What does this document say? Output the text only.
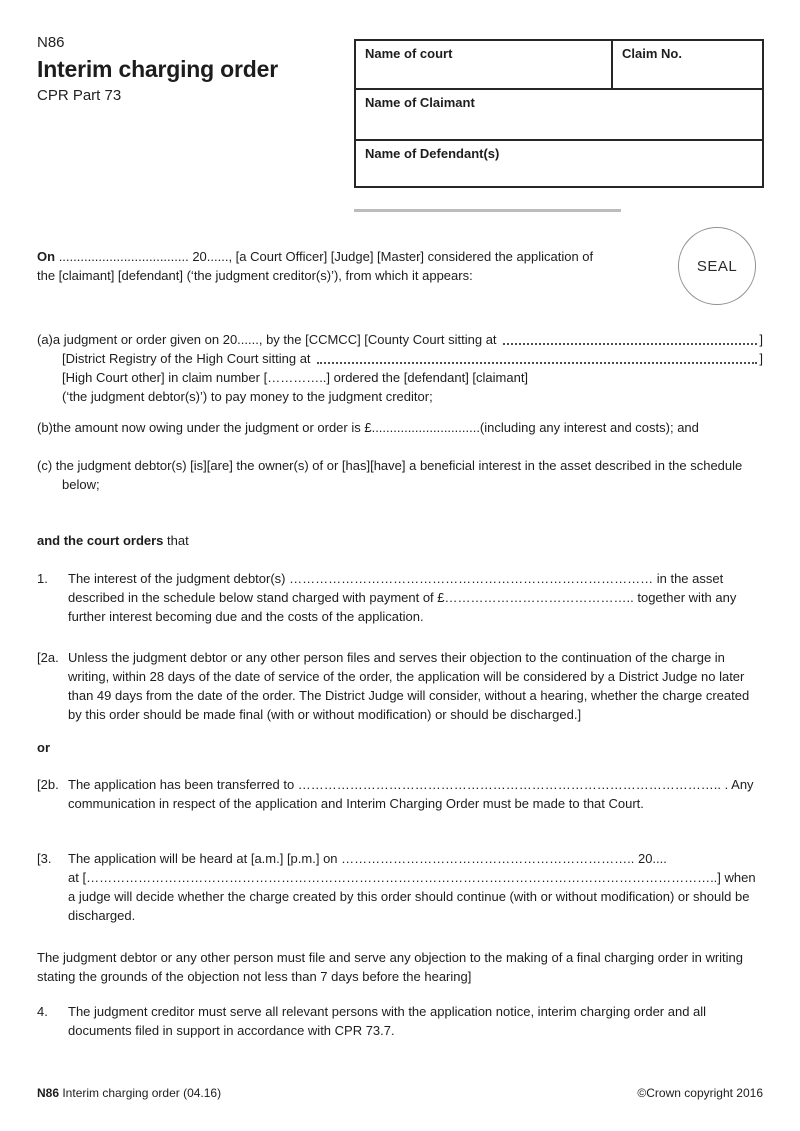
N86
Interim charging order
CPR Part 73
Name of court	Claim No.

Name of Claimant

Name of Defendant(s)
SEAL

On .................................... 20......, [a Court Officer] [Judge] [Master] considered the application of the [claimant] [defendant] (‘the judgment creditor(s)’), from which it appears:

(a)a judgment or order given on 20......, by the [CCMCC] [County Court sitting at	]
[District Registry of the High Court sitting at	]
[High Court other] in claim number […………..] ordered the [defendant] [claimant]
(‘the judgment debtor(s)’) to pay money to the judgment creditor;
(b)the amount now owing under the judgment or order is £..............................(including any interest and costs); and
(c) the judgment debtor(s) [is][are] the owner(s) of or [has][have] a beneficial interest in the asset described in the schedule below;
and the court orders that
1.	The interest of the judgment debtor(s) ………………………………………………………………………… in the asset described in the schedule below stand charged with payment of £…………………………………….. together with any further interest becoming due and the costs of the application.
[2a. Unless the judgment debtor or any other person files and serves their objection to the continuation of the charge in writing, within 28 days of the date of service of the order, the application will be considered by a District Judge no later than 49 days from the date of the order. The District Judge will consider, without a hearing, whether the charge created by this order should be made final (with or without modification) or should be discharged.]
or
[2b. The application has been transferred to …………………………………………………………………………………….. . Any communication in respect of the application and Interim Charging Order must be made to that Court.
[3.	The application will be heard at [a.m.] [p.m.] on ………………………………………………………….. 20....
at [………………………………………………………………………………………………………………………………..] when a judge will decide whether the charge created by this order should continue (with or without modification) or should be discharged.
The judgment debtor or any other person must file and serve any objection to the making of a final charging order in writing stating the grounds of the objection not less than 7 days before the hearing]
4.	The judgment creditor must serve all relevant persons with the application notice, interim charging order and all documents filed in support in accordance with CPR 73.7.
N86 Interim charging order (04.16)	©Crown copyright 2016
